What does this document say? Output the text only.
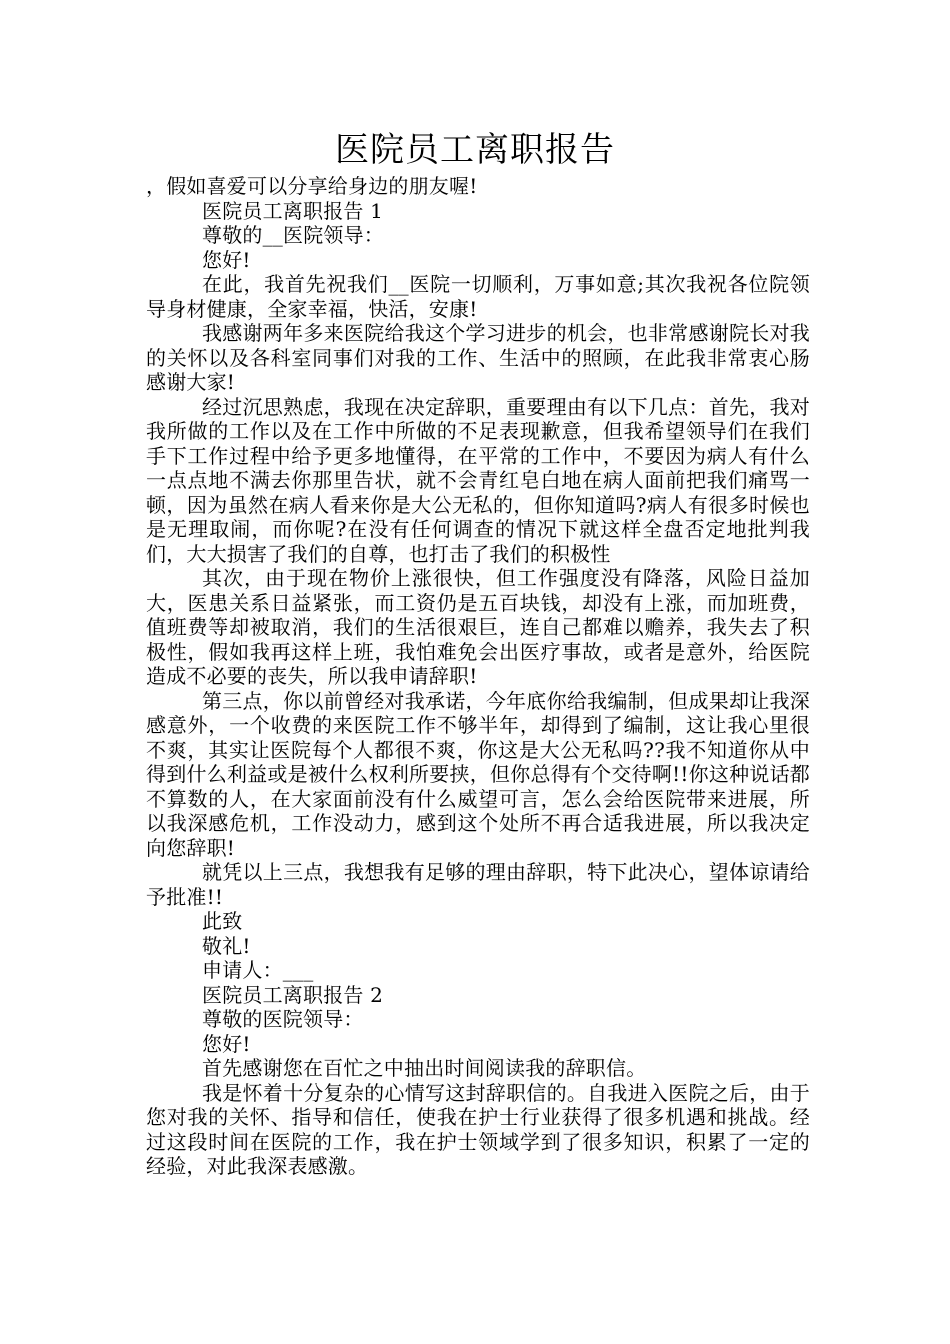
医院员工离职报告

，假如喜爱可以分享给身边的朋友喔!

医院员工离职报告 1

尊敬的__医院领导：

您好!

在此，我首先祝我们__医院一切顺利，万事如意;其次我祝各位院领导身材健康，全家幸福，快活，安康!

我感谢两年多来医院给我这个学习进步的机会，也非常感谢院长对我的关怀以及各科室同事们对我的工作、生活中的照顾，在此我非常衷心肠感谢大家!

经过沉思熟虑，我现在决定辞职，重要理由有以下几点：首先，我对我所做的工作以及在工作中所做的不足表现歉意，但我希望领导们在我们手下工作过程中给予更多地懂得，在平常的工作中，不要因为病人有什么一点点地不满去你那里告状，就不会青红皂白地在病人面前把我们痛骂一顿，因为虽然在病人看来你是大公无私的，但你知道吗?病人有很多时候也是无理取闹，而你呢?在没有任何调查的情况下就这样全盘否定地批判我们，大大损害了我们的自尊，也打击了我们的积极性

其次，由于现在物价上涨很快，但工作强度没有降落，风险日益加大，医患关系日益紧张，而工资仍是五百块钱，却没有上涨，而加班费，值班费等却被取消，我们的生活很艰巨，连自己都难以赡养，我失去了积极性，假如我再这样上班，我怕难免会出医疗事故，或者是意外，给医院造成不必要的丧失，所以我申请辞职!

第三点，你以前曾经对我承诺，今年底你给我编制，但成果却让我深感意外，一个收费的来医院工作不够半年，却得到了编制，这让我心里很不爽，其实让医院每个人都很不爽，你这是大公无私吗??我不知道你从中得到什么利益或是被什么权利所要挟，但你总得有个交待啊!!你这种说话都不算数的人，在大家面前没有什么威望可言，怎么会给医院带来进展，所以我深感危机，工作没动力，感到这个处所不再合适我进展，所以我决定向您辞职!

就凭以上三点，我想我有足够的理由辞职，特下此决心，望体谅请给予批准!!

此致

敬礼!

申请人：___

医院员工离职报告 2

尊敬的医院领导：

您好!

首先感谢您在百忙之中抽出时间阅读我的辞职信。

我是怀着十分复杂的心情写这封辞职信的。自我进入医院之后，由于您对我的关怀、指导和信任，使我在护士行业获得了很多机遇和挑战。经过这段时间在医院的工作，我在护士领域学到了很多知识，积累了一定的经验，对此我深表感激。
